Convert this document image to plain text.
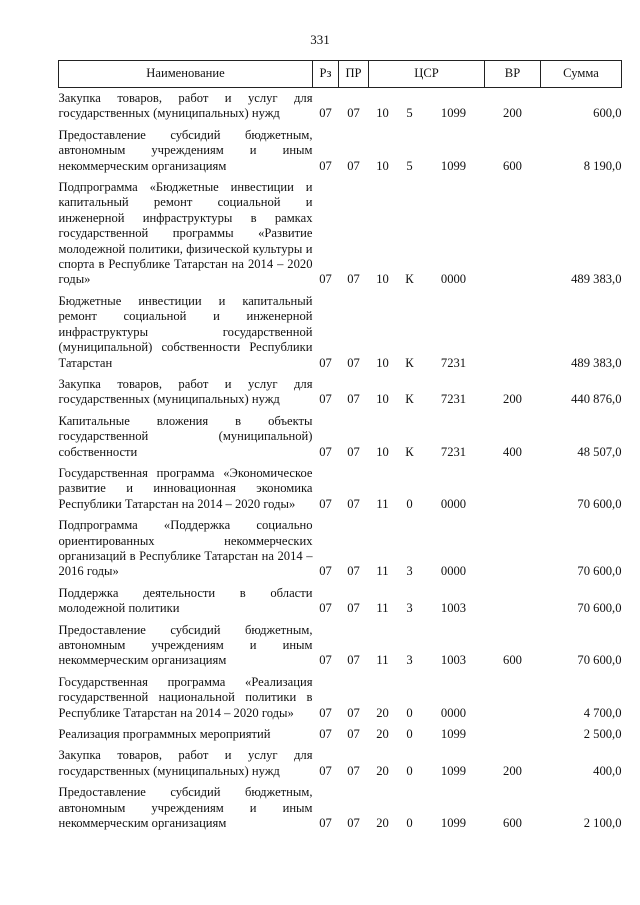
331
Наименование	Рз	ПР	ЦСР			ВР	Сумма
Закупка товаров, работ и услуг для государственных (муниципальных) нужд	07	07	10	5	1099	200	600,0
Предоставление субсидий бюджетным, автономным учреждениям и иным некоммерческим организациям	07	07	10	5	1099	600	8 190,0
Подпрограмма «Бюджетные инвестиции и капитальный ремонт социальной и инженерной инфраструктуры в рамках государственной программы «Развитие молодежной политики, физической культуры и спорта в Республике Татарстан на 2014 – 2020 годы»	07	07	10	К	0000		489 383,0
Бюджетные инвестиции и капитальный ремонт социальной и инженерной инфраструктуры государственной (муниципальной) собственности Республики Татарстан	07	07	10	К	7231		489 383,0
Закупка товаров, работ и услуг для государственных (муниципальных) нужд	07	07	10	К	7231	200	440 876,0
Капитальные вложения в объекты государственной (муниципальной) собственности	07	07	10	К	7231	400	48 507,0
Государственная программа «Экономическое развитие и инновационная экономика Республики Татарстан на 2014 – 2020 годы»	07	07	11	0	0000		70 600,0
Подпрограмма «Поддержка социально ориентированных некоммерческих организаций в Республике Татарстан на 2014 – 2016 годы»	07	07	11	3	0000		70 600,0
Поддержка деятельности в области молодежной политики	07	07	11	3	1003		70 600,0
Предоставление субсидий бюджетным, автономным учреждениям и иным некоммерческим организациям	07	07	11	3	1003	600	70 600,0
Государственная программа «Реализация государственной национальной политики в Республике Татарстан на 2014 – 2020 годы»	07	07	20	0	0000		4 700,0
Реализация программных мероприятий	07	07	20	0	1099		2 500,0
Закупка товаров, работ и услуг для государственных (муниципальных) нужд	07	07	20	0	1099	200	400,0
Предоставление субсидий бюджетным, автономным учреждениям и иным некоммерческим организациям	07	07	20	0	1099	600	2 100,0
